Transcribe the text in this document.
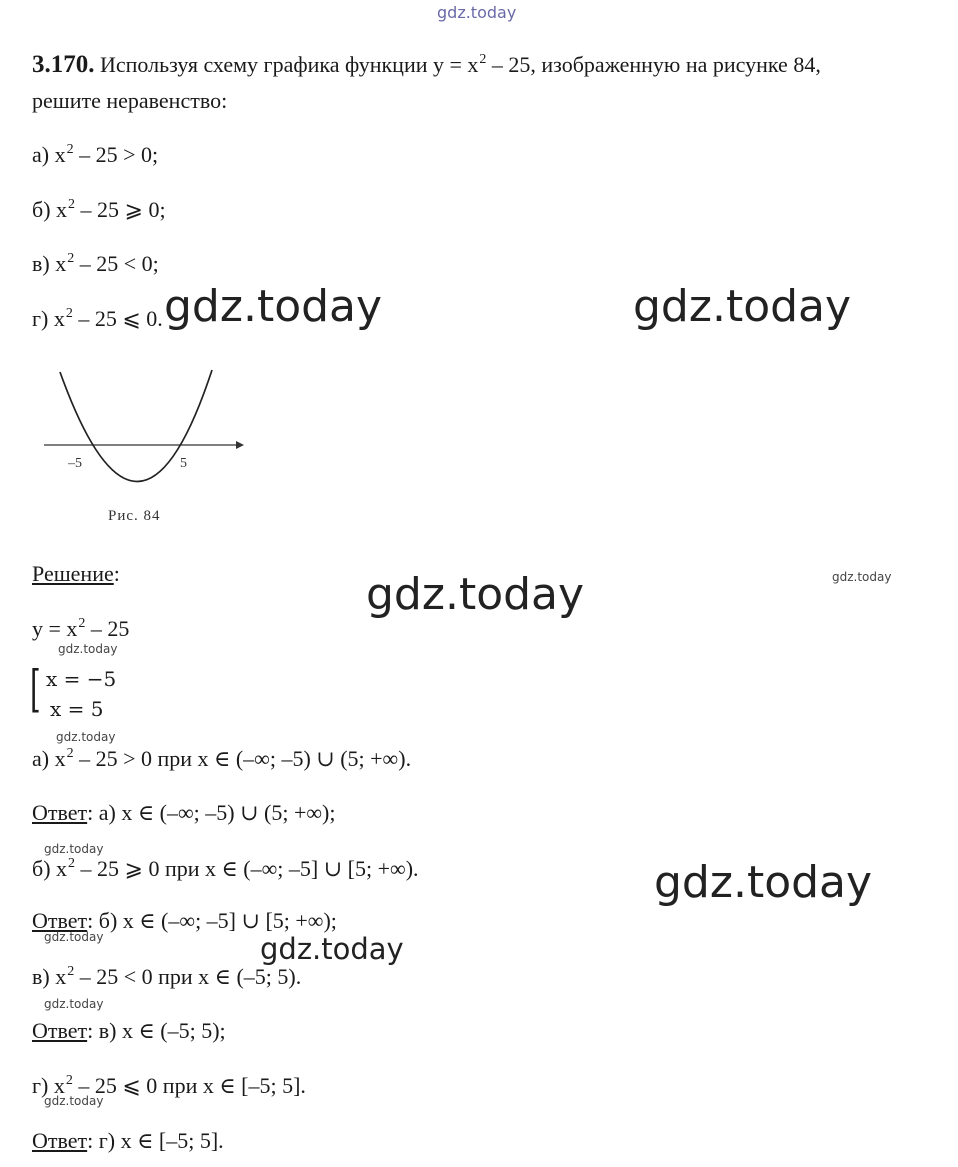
gdz.today
3.170. Используя схему графика функции $y = x^2 - 25$, изображенную на рисунке 84,
решите неравенство:
а) $x^2 - 25 > 0$;
б) $x^2 - 25$ ⩾ 0;
в) $x^2 - 25 < 0$;
г) $x^2 - 25$ ⩽ 0. gdz.today	gdz.today
–5	5
Рис. 84
Решение:	gdz.today	gdz.today
$y = x^2 - 25$
gdz.today
[ x = −5
x = 5
gdz.today
а) $x^2 - 25 > 0$ при x ∈ (–∞; –5) ∪ (5; +∞).
Ответ: а) x ∈ (–∞; –5) ∪ (5; +∞);
gdz.today
б) $x^2 - 25$ ⩾ 0 при x ∈ (–∞; –5] ∪ [5; +∞).	gdz.today
Ответ: б) x ∈ (–∞; –5] ∪ [5; +∞);
gdz.today	gdz.today
в) $x^2 - 25 < 0$ при x ∈ (–5; 5).
gdz.today
Ответ: в) x ∈ (–5; 5);
г) $x^2 - 25$ ⩽ 0 при x ∈ [–5; 5].
gdz.today
Ответ: г) x ∈ [–5; 5].
